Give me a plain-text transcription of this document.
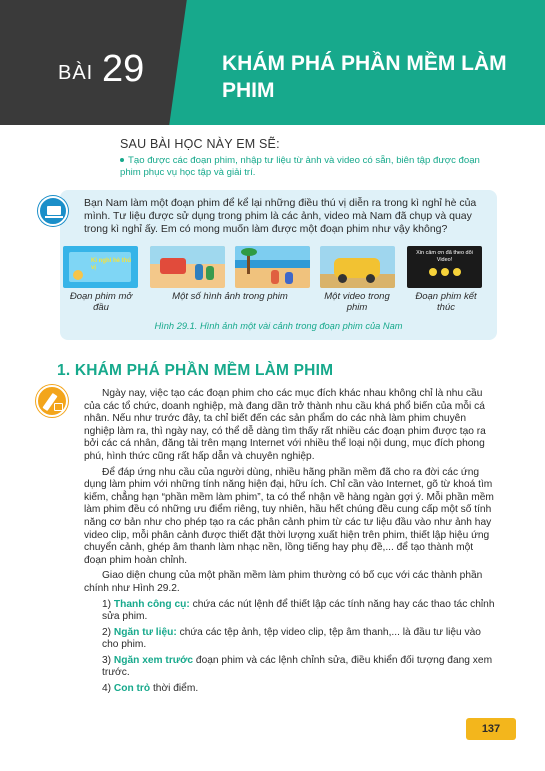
BÀI 29	KHÁM PHÁ PHẦN MỀM LÀM PHIM
SAU BÀI HỌC NÀY EM SẼ:
Tạo được các đoạn phim, nhập tư liệu từ ảnh và video có sẵn, biên tập được đoạn phim phục vụ học tập và giải trí.
Bạn Nam làm một đoạn phim để kể lại những điều thú vị diễn ra trong kì nghỉ hè của mình. Tư liệu được sử dụng trong phim là các ảnh, video mà Nam đã chụp và quay trong kì nghỉ ấy. Em có mong muốn làm được một đoạn phim như vậy không?
Kì nghỉ hè thú vị
Xin cảm ơn đã theo dõi Video!
Đoạn phim mở đầu
Một số hình ảnh trong phim	Một video trong phim
Đoạn phim kết thúc
Hình 29.1. Hình ảnh một vài cảnh trong đoạn phim của Nam
1. KHÁM PHÁ PHẦN MỀM LÀM PHIM

Ngày nay, việc tạo các đoạn phim cho các mục đích khác nhau không chỉ là nhu cầu của các tổ chức, doanh nghiệp, mà đang dần trở thành nhu cầu khá phổ biến của mỗi cá nhân. Nếu như trước đây, ta chỉ biết đến các sản phẩm do các nhà làm phim chuyên nghiệp làm ra, thì ngày nay, có thể dễ dàng tìm thấy rất nhiều các đoạn phim được tạo ra bởi các cá nhân, đăng tải trên mạng Internet với nhiều thể loại nội dung, mục đích phong phú, hình thức cũng rất hấp dẫn và chuyên nghiệp.

Để đáp ứng nhu cầu của người dùng, nhiều hãng phần mềm đã cho ra đời các ứng dụng làm phim với những tính năng hiện đại, hữu ích. Chỉ cần vào Internet, gõ từ khoá tìm kiếm, chẳng hạn “phần mềm làm phim”, ta có thể nhận về hàng ngàn gợi ý. Mỗi phần mềm làm phim đều có những ưu điểm riêng, tuy nhiên, hầu hết chúng đều cung cấp một số tính năng cơ bản như cho phép tạo ra các phân cảnh phim từ các tư liệu đầu vào như ảnh hay video clip, mỗi phân cảnh được thiết đặt thời lượng xuất hiện trên phim, thiết lập hiệu ứng chuyển cảnh, ghép âm thanh làm nhạc nền, lồng tiếng hay phụ đề,... để tạo thành một đoạn phim hoàn chỉnh.

Giao diện chung của một phần mềm làm phim thường có bố cục với các thành phần chính như Hình 29.2.

1) Thanh công cụ: chứa các nút lệnh để thiết lập các tính năng hay các thao tác chỉnh sửa phim.

2) Ngăn tư liệu: chứa các tệp ảnh, tệp video clip, tệp âm thanh,... là đầu tư liệu vào cho phim.

3) Ngăn xem trước đoạn phim và các lệnh chỉnh sửa, điều khiển đối tượng đang xem trước.

4) Con trỏ thời điểm.

137
